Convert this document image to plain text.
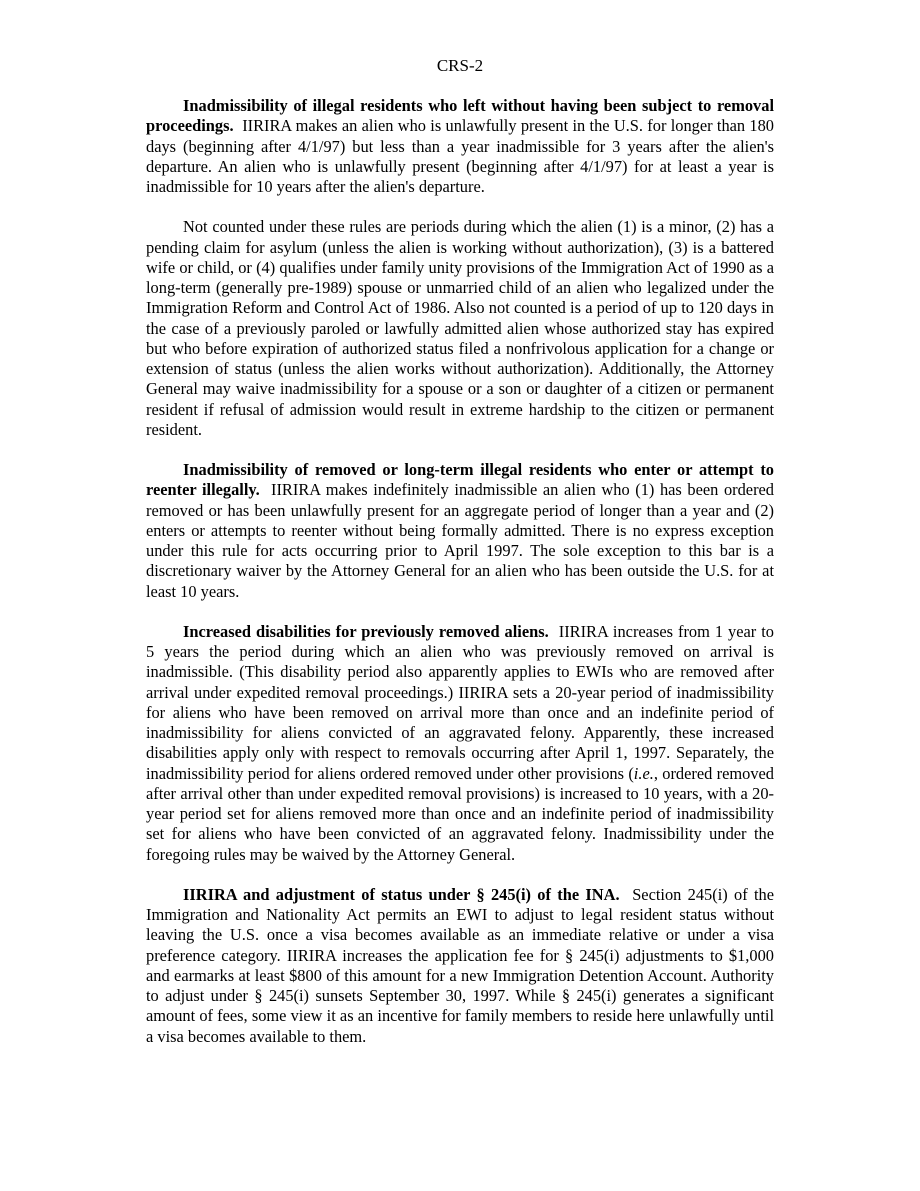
CRS-2

Inadmissibility of illegal residents who left without having been subject to removal proceedings. IIRIRA makes an alien who is unlawfully present in the U.S. for longer than 180 days (beginning after 4/1/97) but less than a year inadmissible for 3 years after the alien's departure. An alien who is unlawfully present (beginning after 4/1/97) for at least a year is inadmissible for 10 years after the alien's departure.

Not counted under these rules are periods during which the alien (1) is a minor, (2) has a pending claim for asylum (unless the alien is working without authorization), (3) is a battered wife or child, or (4) qualifies under family unity provisions of the Immigration Act of 1990 as a long-term (generally pre-1989) spouse or unmarried child of an alien who legalized under the Immigration Reform and Control Act of 1986. Also not counted is a period of up to 120 days in the case of a previously paroled or lawfully admitted alien whose authorized stay has expired but who before expiration of authorized status filed a nonfrivolous application for a change or extension of status (unless the alien works without authorization). Additionally, the Attorney General may waive inadmissibility for a spouse or a son or daughter of a citizen or permanent resident if refusal of admission would result in extreme hardship to the citizen or permanent resident.

Inadmissibility of removed or long-term illegal residents who enter or attempt to reenter illegally. IIRIRA makes indefinitely inadmissible an alien who (1) has been ordered removed or has been unlawfully present for an aggregate period of longer than a year and (2) enters or attempts to reenter without being formally admitted. There is no express exception under this rule for acts occurring prior to April 1997. The sole exception to this bar is a discretionary waiver by the Attorney General for an alien who has been outside the U.S. for at least 10 years.

Increased disabilities for previously removed aliens. IIRIRA increases from 1 year to 5 years the period during which an alien who was previously removed on arrival is inadmissible. (This disability period also apparently applies to EWIs who are removed after arrival under expedited removal proceedings.) IIRIRA sets a 20-year period of inadmissibility for aliens who have been removed on arrival more than once and an indefinite period of inadmissibility for aliens convicted of an aggravated felony. Apparently, these increased disabilities apply only with respect to removals occurring after April 1, 1997. Separately, the inadmissibility period for aliens ordered removed under other provisions (i.e., ordered removed after arrival other than under expedited removal provisions) is increased to 10 years, with a 20-year period set for aliens removed more than once and an indefinite period of inadmissibility set for aliens who have been convicted of an aggravated felony. Inadmissibility under the foregoing rules may be waived by the Attorney General.

IIRIRA and adjustment of status under § 245(i) of the INA. Section 245(i) of the Immigration and Nationality Act permits an EWI to adjust to legal resident status without leaving the U.S. once a visa becomes available as an immediate relative or under a visa preference category. IIRIRA increases the application fee for § 245(i) adjustments to $1,000 and earmarks at least $800 of this amount for a new Immigration Detention Account. Authority to adjust under § 245(i) sunsets September 30, 1997. While § 245(i) generates a significant amount of fees, some view it as an incentive for family members to reside here unlawfully until a visa becomes available to them.
